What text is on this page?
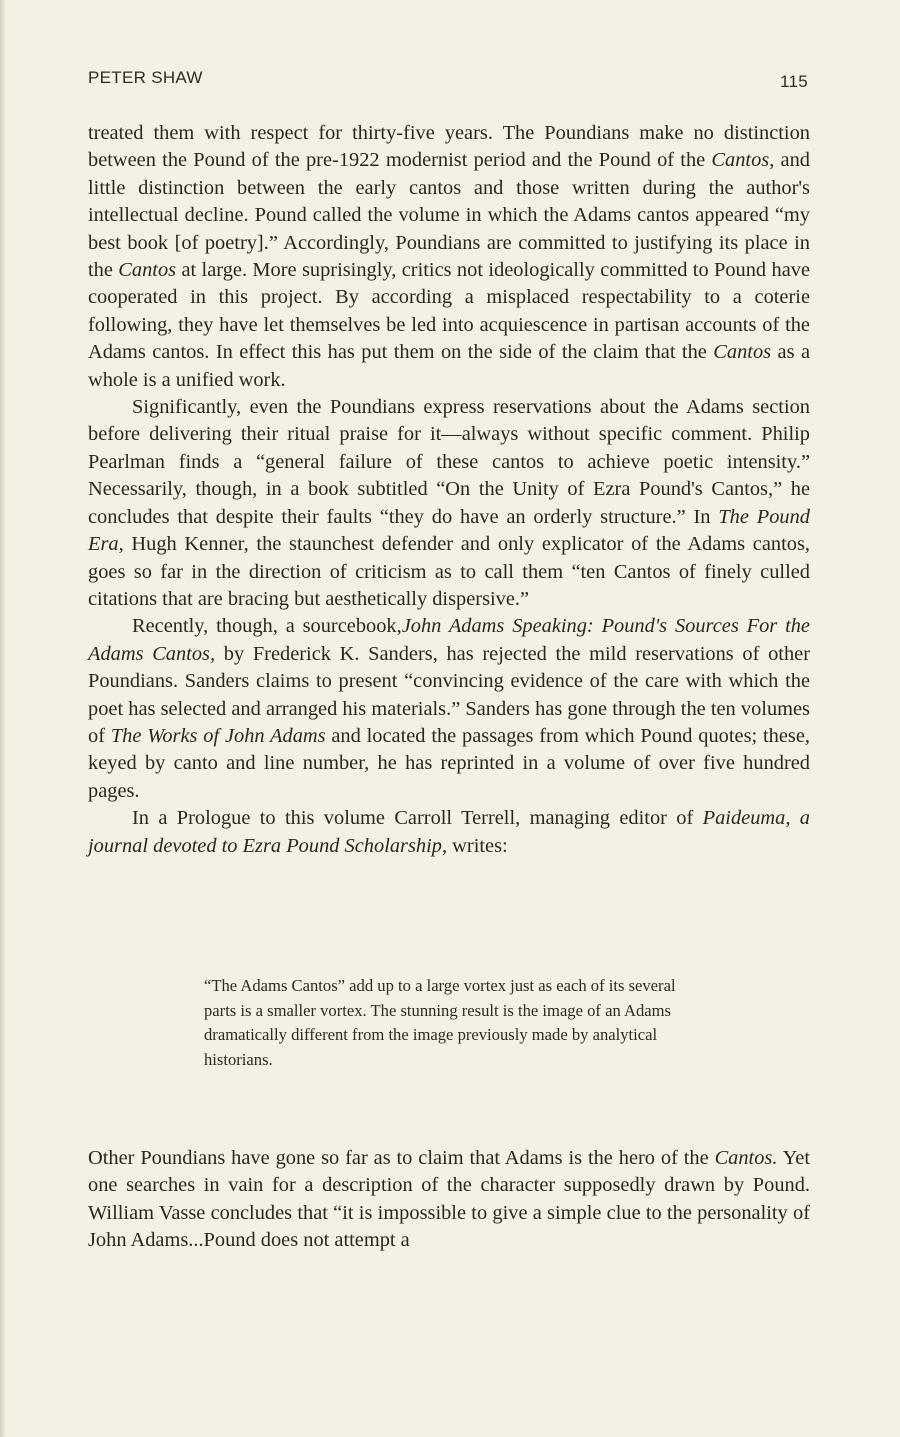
PETER SHAW	115

treated them with respect for thirty-five years. The Poundians make no distinction between the Pound of the pre-1922 modernist period and the Pound of the Cantos, and little distinction between the early cantos and those written during the author's intellectual decline. Pound called the volume in which the Adams cantos appeared “my best book [of poetry].” Accordingly, Poundians are committed to justifying its place in the Cantos at large. More suprisingly, critics not ideologically committed to Pound have cooperated in this project. By according a misplaced respectability to a coterie following, they have let themselves be led into acquiescence in partisan accounts of the Adams cantos. In effect this has put them on the side of the claim that the Cantos as a whole is a unified work.

Significantly, even the Poundians express reservations about the Adams section before delivering their ritual praise for it—always without specific comment. Philip Pearlman finds a “general failure of these cantos to achieve poetic intensity.” Necessarily, though, in a book subtitled “On the Unity of Ezra Pound's Cantos,” he concludes that despite their faults “they do have an orderly structure.” In The Pound Era, Hugh Kenner, the staunchest defender and only explicator of the Adams cantos, goes so far in the direction of criticism as to call them “ten Cantos of finely culled citations that are bracing but aesthetically dispersive.”

Recently, though, a sourcebook,John Adams Speaking: Pound's Sources For the Adams Cantos, by Frederick K. Sanders, has rejected the mild reservations of other Poundians. Sanders claims to present “convincing evidence of the care with which the poet has selected and arranged his materials.” Sanders has gone through the ten volumes of The Works of John Adams and located the passages from which Pound quotes; these, keyed by canto and line number, he has reprinted in a volume of over five hundred pages.

In a Prologue to this volume Carroll Terrell, managing editor of Paideuma, a journal devoted to Ezra Pound Scholarship, writes:

“The Adams Cantos” add up to a large vortex just as each of its several parts is a smaller vortex. The stunning result is the image of an Adams dramatically different from the image previously made by analytical historians.

Other Poundians have gone so far as to claim that Adams is the hero of the Cantos. Yet one searches in vain for a description of the character supposedly drawn by Pound. William Vasse concludes that “it is impossible to give a simple clue to the personality of John Adams...Pound does not attempt a
